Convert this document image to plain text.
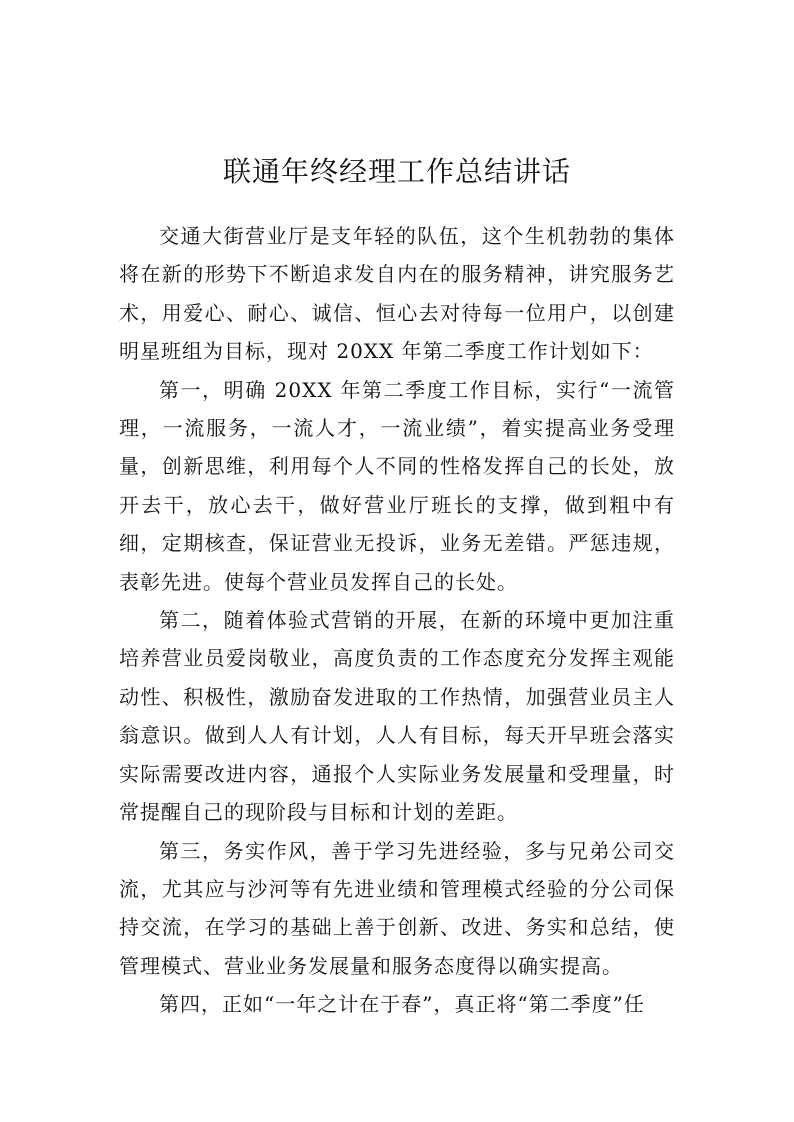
联通年终经理工作总结讲话

交通大街营业厅是支年轻的队伍，这个生机勃勃的集体将在新的形势下不断追求发自内在的服务精神，讲究服务艺术，用爱心、耐心、诚信、恒心去对待每一位用户，以创建明星班组为目标，现对 20XX 年第二季度工作计划如下：

第一，明确 20XX 年第二季度工作目标，实行“一流管理，一流服务，一流人才，一流业绩”，着实提高业务受理量，创新思维，利用每个人不同的性格发挥自己的长处，放开去干，放心去干，做好营业厅班长的支撑，做到粗中有细，定期核查，保证营业无投诉，业务无差错。严惩违规，表彰先进。使每个营业员发挥自己的长处。

第二，随着体验式营销的开展，在新的环境中更加注重培养营业员爱岗敬业，高度负责的工作态度充分发挥主观能动性、积极性，激励奋发进取的工作热情，加强营业员主人翁意识。做到人人有计划，人人有目标，每天开早班会落实实际需要改进内容，通报个人实际业务发展量和受理量，时常提醒自己的现阶段与目标和计划的差距。

第三，务实作风，善于学习先进经验，多与兄弟公司交流，尤其应与沙河等有先进业绩和管理模式经验的分公司保持交流，在学习的基础上善于创新、改进、务实和总结，使管理模式、营业业务发展量和服务态度得以确实提高。

第四，正如“一年之计在于春”，真正将“第二季度”任
